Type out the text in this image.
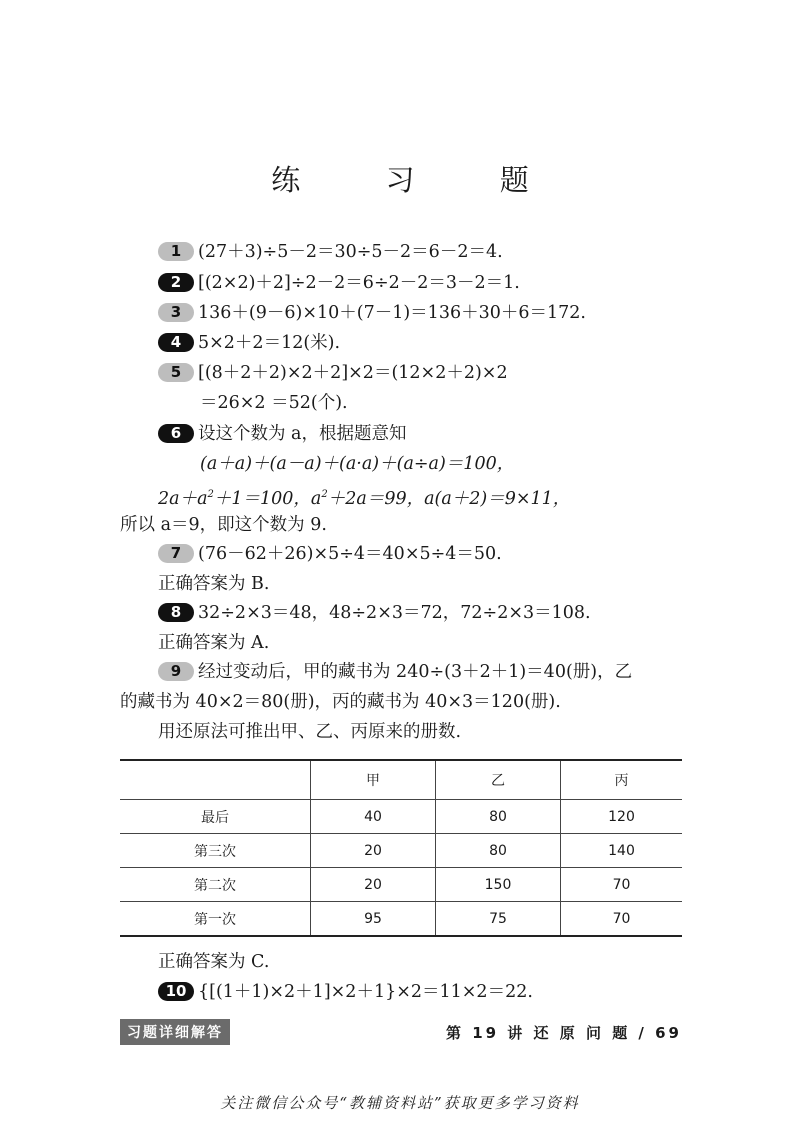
练 习 题
1 (27＋3)÷5－2＝30÷5－2＝6－2＝4.
2 [(2×2)＋2]÷2－2＝6÷2－2＝3－2＝1.
3 136＋(9－6)×10＋(7－1)＝136＋30＋6＝172.
4 5×2＋2＝12(米).
5 [(8＋2＋2)×2＋2]×2＝(12×2＋2)×2
＝26×2 ＝52(个).
6 设这个数为 a，根据题意知
(a＋a)＋(a－a)＋(a·a)＋(a÷a)＝100，
$2a+a^2+1=100$，$a^2+2a=99$，a(a＋2)＝9×11，
所以 a＝9，即这个数为 9.
7 (76－62＋26)×5÷4＝40×5÷4＝50.
正确答案为 B.
8 32÷2×3＝48，48÷2×3＝72，72÷2×3＝108.
正确答案为 A.
9 经过变动后，甲的藏书为 240÷(3＋2＋1)＝40(册)，乙
的藏书为 40×2＝80(册)，丙的藏书为 40×3＝120(册).
用还原法可推出甲、乙、丙原来的册数.
	甲	乙	丙
最后	40	80	120
第三次	20	80	140
第二次	20	150	70
第一次	95	75	70
正确答案为 C.
10 {[(1＋1)×2＋1]×2＋1}×2＝11×2＝22.
习题详细解答	第 19 讲 还 原 问 题 / 69
关注微信公众号“教辅资料站”获取更多学习资料
